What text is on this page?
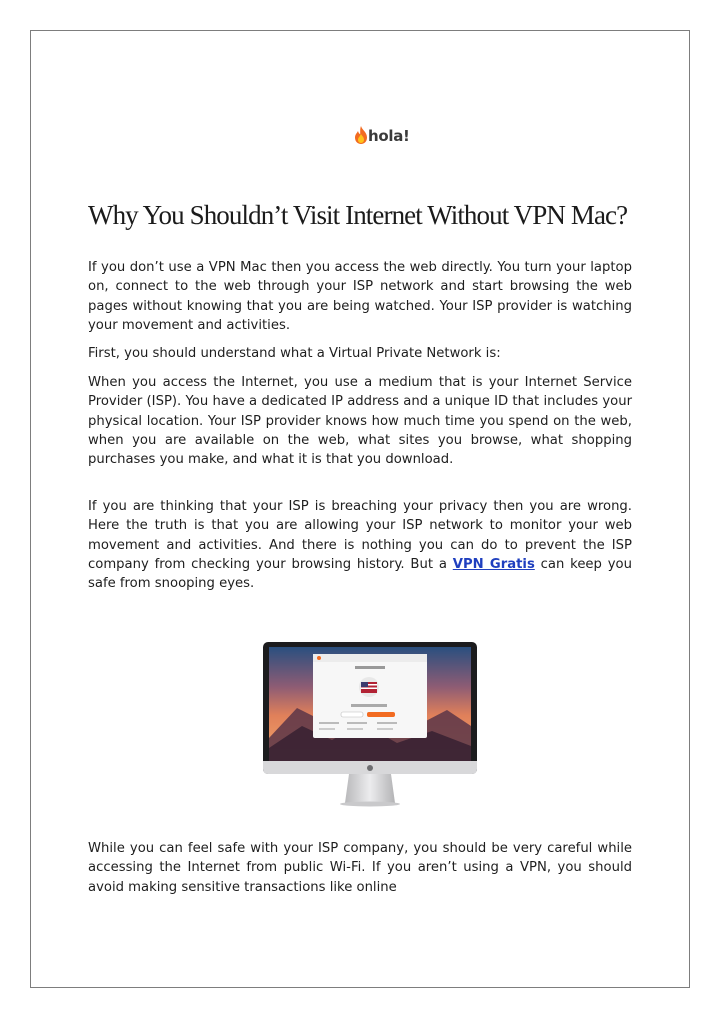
hola!
Why You Shouldn’t Visit Internet Without VPN Mac?

If you don’t use a VPN Mac then you access the web directly. You turn your laptop on, connect to the web through your ISP network and start browsing the web pages without knowing that you are being watched. Your ISP provider is watching your movement and activities.

First, you should understand what a Virtual Private Network is:

When you access the Internet, you use a medium that is your Internet Service Provider (ISP). You have a dedicated IP address and a unique ID that includes your physical location. Your ISP provider knows how much time you spend on the web, when you are available on the web, what sites you browse, what shopping purchases you make, and what it is that you download.

If you are thinking that your ISP is breaching your privacy then you are wrong. Here the truth is that you are allowing your ISP network to monitor your web movement and activities. And there is nothing you can do to prevent the ISP company from checking your browsing history. But a VPN Gratis can keep you safe from snooping eyes.

While you can feel safe with your ISP company, you should be very careful while accessing the Internet from public Wi-Fi. If you aren’t using a VPN, you should avoid making sensitive transactions like online
